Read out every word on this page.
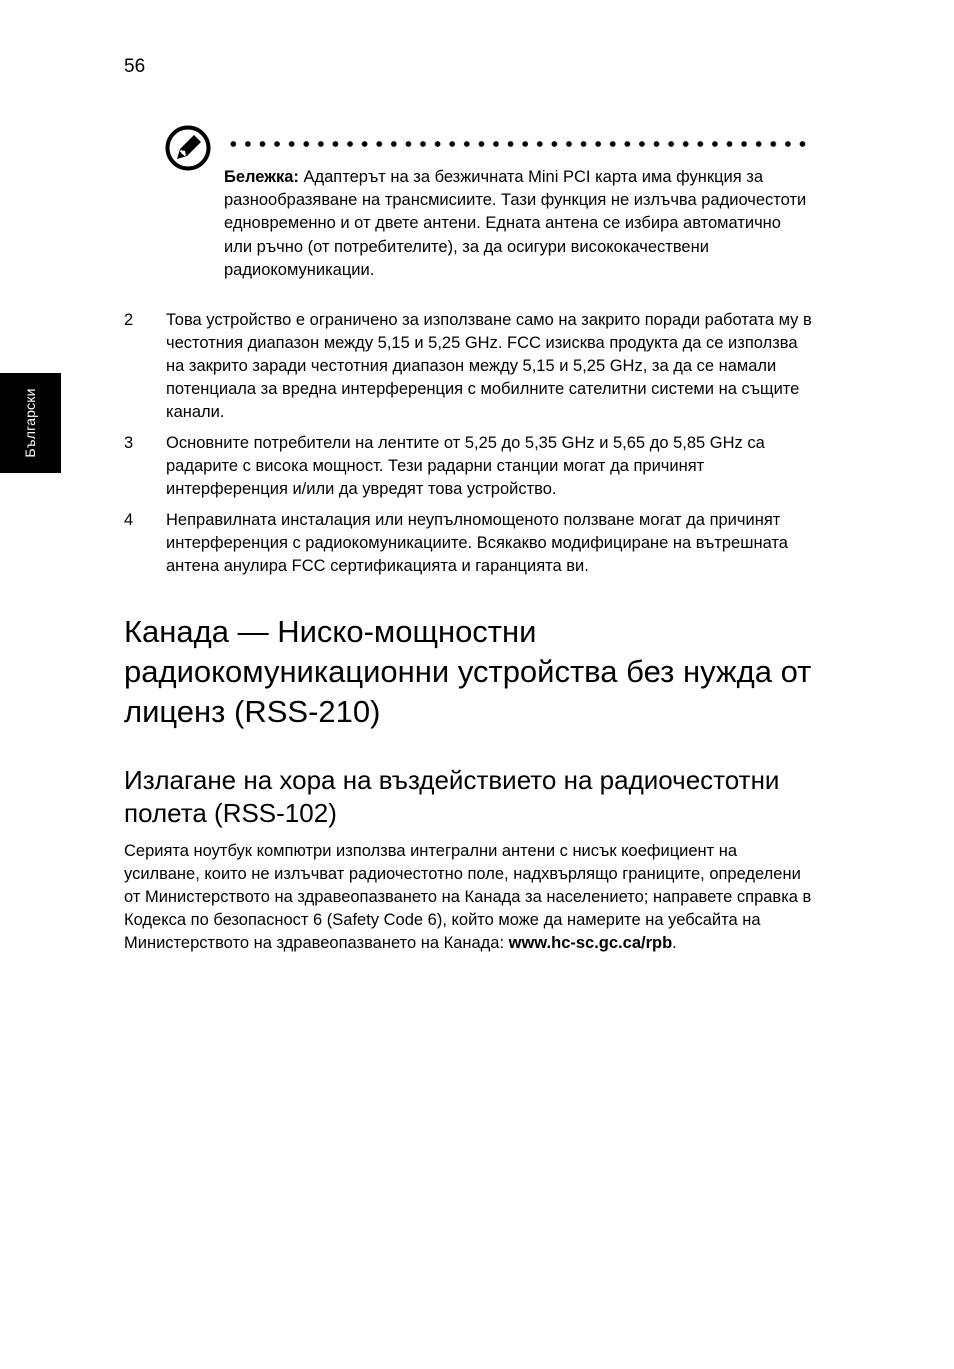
56
Български
Бележка: Адаптерът на за безжичната Mini PCI карта има функция за разнообразяване на трансмисиите. Тази функция не излъчва радиочестоти едновременно и от двете антени. Едната антена се избира автоматично или ръчно (от потребителите), за да осигури висококачествени радиокомуникации.
2 Това устройство е ограничено за използване само на закрито поради работата му в честотния диапазон между 5,15 и 5,25 GHz. FCC изисква продукта да се използва на закрито заради честотния диапазон между 5,15 и 5,25 GHz, за да се намали потенциала за вредна интерференция с мобилните сателитни системи на същите канали.
3 Основните потребители на лентите от 5,25 до 5,35 GHz и 5,65 до 5,85 GHz са радарите с висока мощност. Тези радарни станции могат да причинят интерференция и/или да увредят това устройство.
4 Неправилната инсталация или неупълномощеното ползване могат да причинят интерференция с радиокомуникациите. Всякакво модифициране на вътрешната антена анулира FCC сертификацията и гаранцията ви.
Канада — Ниско-мощностни радиокомуникационни устройства без нужда от лиценз (RSS-210)
Излагане на хора на въздействието на радиочестотни полета (RSS-102)

Серията ноутбук компютри използва интегрални антени с нисък коефициент на усилване, които не излъчват радиочестотно поле, надхвърлящо границите, определени от Министерството на здравеопазването на Канада за населението; направете справка в Кодекса по безопасност 6 (Safety Code 6), който може да намерите на уебсайта на Министерството на здравеопазването на Канада: www.hc-sc.gc.ca/rpb.
